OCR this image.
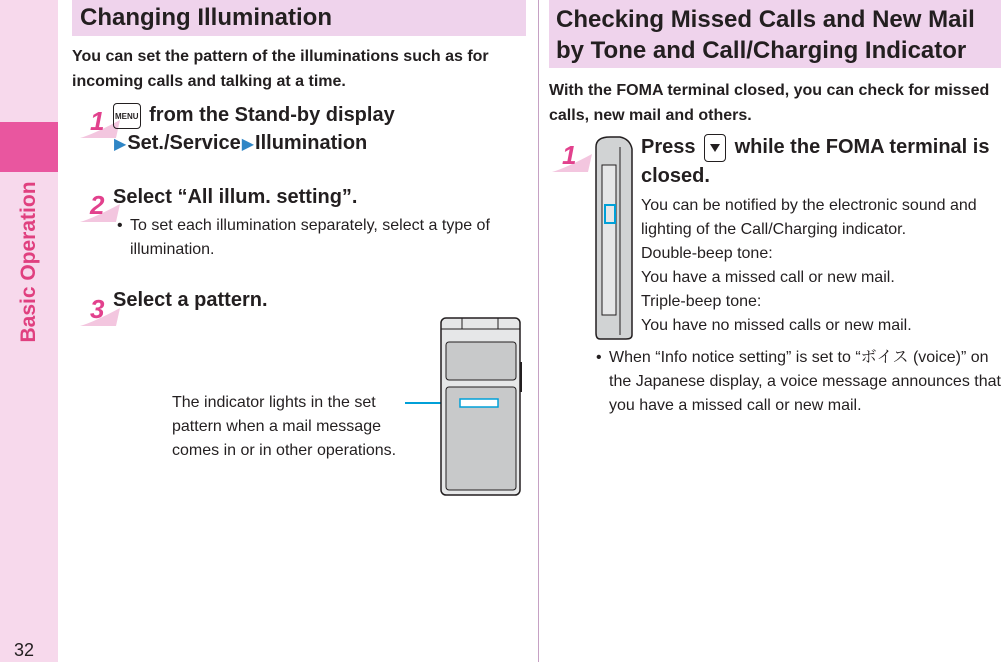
Basic Operation
32
Changing Illumination
You can set the pattern of the illuminations such as for incoming calls and talking at a time.
1 MENU from the Stand-by display
▶Set./Service▶Illumination
2 Select “All illum. setting”.
• To set each illumination separately, select a type of illumination.
3 Select a pattern.
The indicator lights in the set pattern when a mail message comes in or in other operations.
Checking Missed Calls and New Mail by Tone and Call/Charging Indicator
With the FOMA terminal closed, you can check for missed calls, new mail and others.
1	Press  while the FOMA terminal is closed.
You can be notified by the electronic sound and lighting of the Call/Charging indicator.
Double-beep tone:
You have a missed call or new mail.
Triple-beep tone:
You have no missed calls or new mail.
• When “Info notice setting” is set to “ボイス (voice)” on the Japanese display, a voice message announces that you have a missed call or new mail.
